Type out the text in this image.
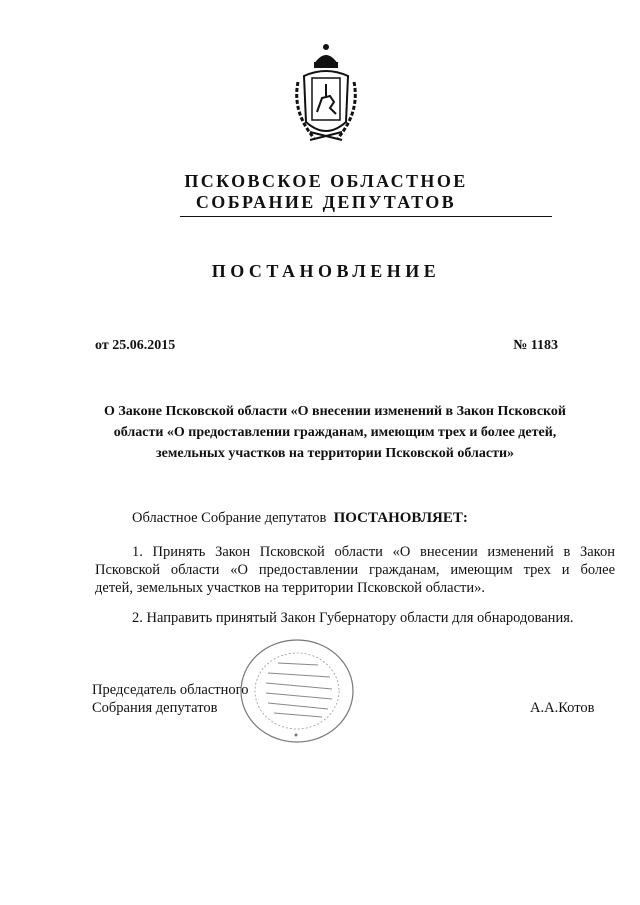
ПСКОВСКОЕ ОБЛАСТНОЕ
СОБРАНИЕ ДЕПУТАТОВ
ПОСТАНОВЛЕНИЕ
от 25.06.2015	№ 1183
О Законе Псковской области «О внесении изменений в Закон Псковской
области «О предоставлении гражданам, имеющим трех и более детей,
земельных участков на территории Псковской области»
Областное Собрание депутатов ПОСТАНОВЛЯЕТ:
1. Принять Закон Псковской области «О внесении изменений в Закон
Псковской области «О предоставлении гражданам, имеющим трех и более
детей, земельных участков на территории Псковской области».
2. Направить принятый Закон Губернатору области для обнародования.
Председатель областного
Собрания депутатов	А.А.Котов
